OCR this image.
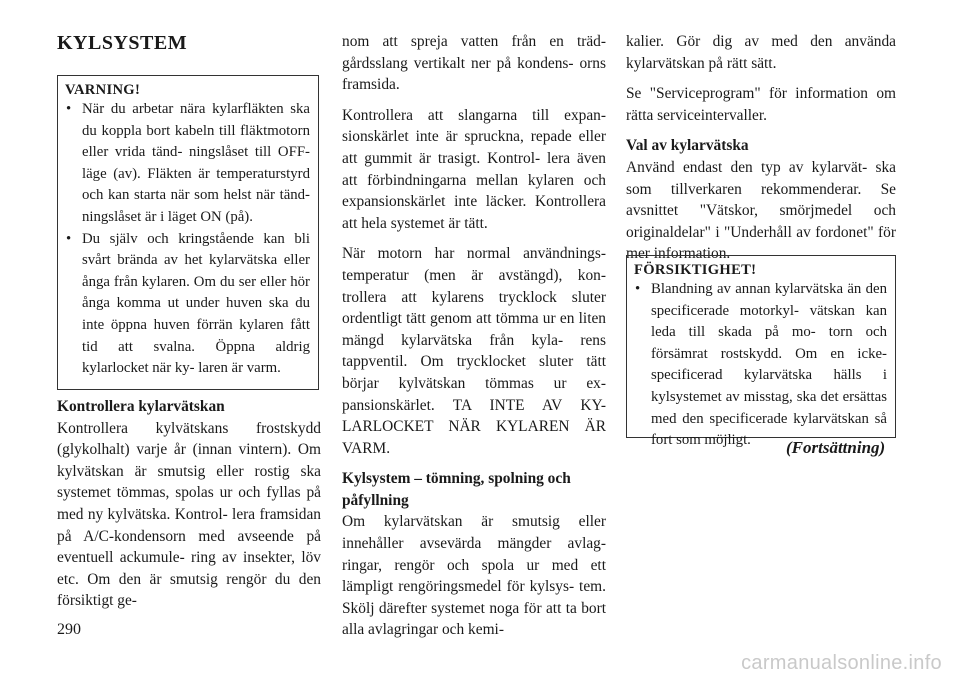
KYLSYSTEM
VARNING!
• När du arbetar nära kylarfläkten ska du koppla bort kabeln till fläktmotorn eller vrida tänd- ningslåset till OFF-läge (av). Fläkten är temperaturstyrd och kan starta när som helst när tänd- ningslåset är i läget ON (på).
• Du själv och kringstående kan bli svårt brända av het kylarvätska eller ånga från kylaren. Om du ser eller hör ånga komma ut under huven ska du inte öppna huven förrän kylaren fått tid att svalna. Öppna aldrig kylarlocket när ky- laren är varm.

Kontrollera kylarvätskan

Kontrollera kylvätskans frostskydd (glykolhalt) varje år (innan vintern). Om kylvätskan är smutsig eller rostig ska systemet tömmas, spolas ur och fyllas på med ny kylvätska. Kontrol- lera framsidan på A/C-kondensorn med avseende på eventuell ackumule- ring av insekter, löv etc. Om den är smutsig rengör du den försiktigt ge-

nom att spreja vatten från en träd- gårdsslang vertikalt ner på kondens- orns framsida.

Kontrollera att slangarna till expan- sionskärlet inte är spruckna, repade eller att gummit är trasigt. Kontrol- lera även att förbindningarna mellan kylaren och expansionskärlet inte läcker. Kontrollera att hela systemet är tätt.

När motorn har normal användnings- temperatur (men är avstängd), kon- trollera att kylarens trycklock sluter ordentligt tätt genom att tömma ur en liten mängd kylarvätska från kyla- rens tappventil. Om trycklocket sluter tätt börjar kylvätskan tömmas ur ex- pansionskärlet. TA INTE AV KY- LARLOCKET NÄR KYLAREN ÄR VARM.

Kylsystem – tömning, spolning och påfyllning

Om kylarvätskan är smutsig eller innehåller avsevärda mängder avlag- ringar, rengör och spola ur med ett lämpligt rengöringsmedel för kylsys- tem. Skölj därefter systemet noga för att ta bort alla avlagringar och kemi-

kalier. Gör dig av med den använda kylarvätskan på rätt sätt.

Se "Serviceprogram" för information om rätta serviceintervaller.

Val av kylarvätska

Använd endast den typ av kylarvät- ska som tillverkaren rekommenderar. Se avsnittet "Vätskor, smörjmedel och originaldelar" i "Underhåll av fordonet" för mer information.

FÖRSIKTIGHET!
• Blandning av annan kylarvätska än den specificerade motorkyl- vätskan kan leda till skada på mo- torn och försämrat rostskydd. Om en icke-specificerad kylarvätska hälls i kylsystemet av misstag, ska det ersättas med den specificerade kylarvätskan så fort som möjligt.	(Fortsättning)
290
carmanualsonline.info
